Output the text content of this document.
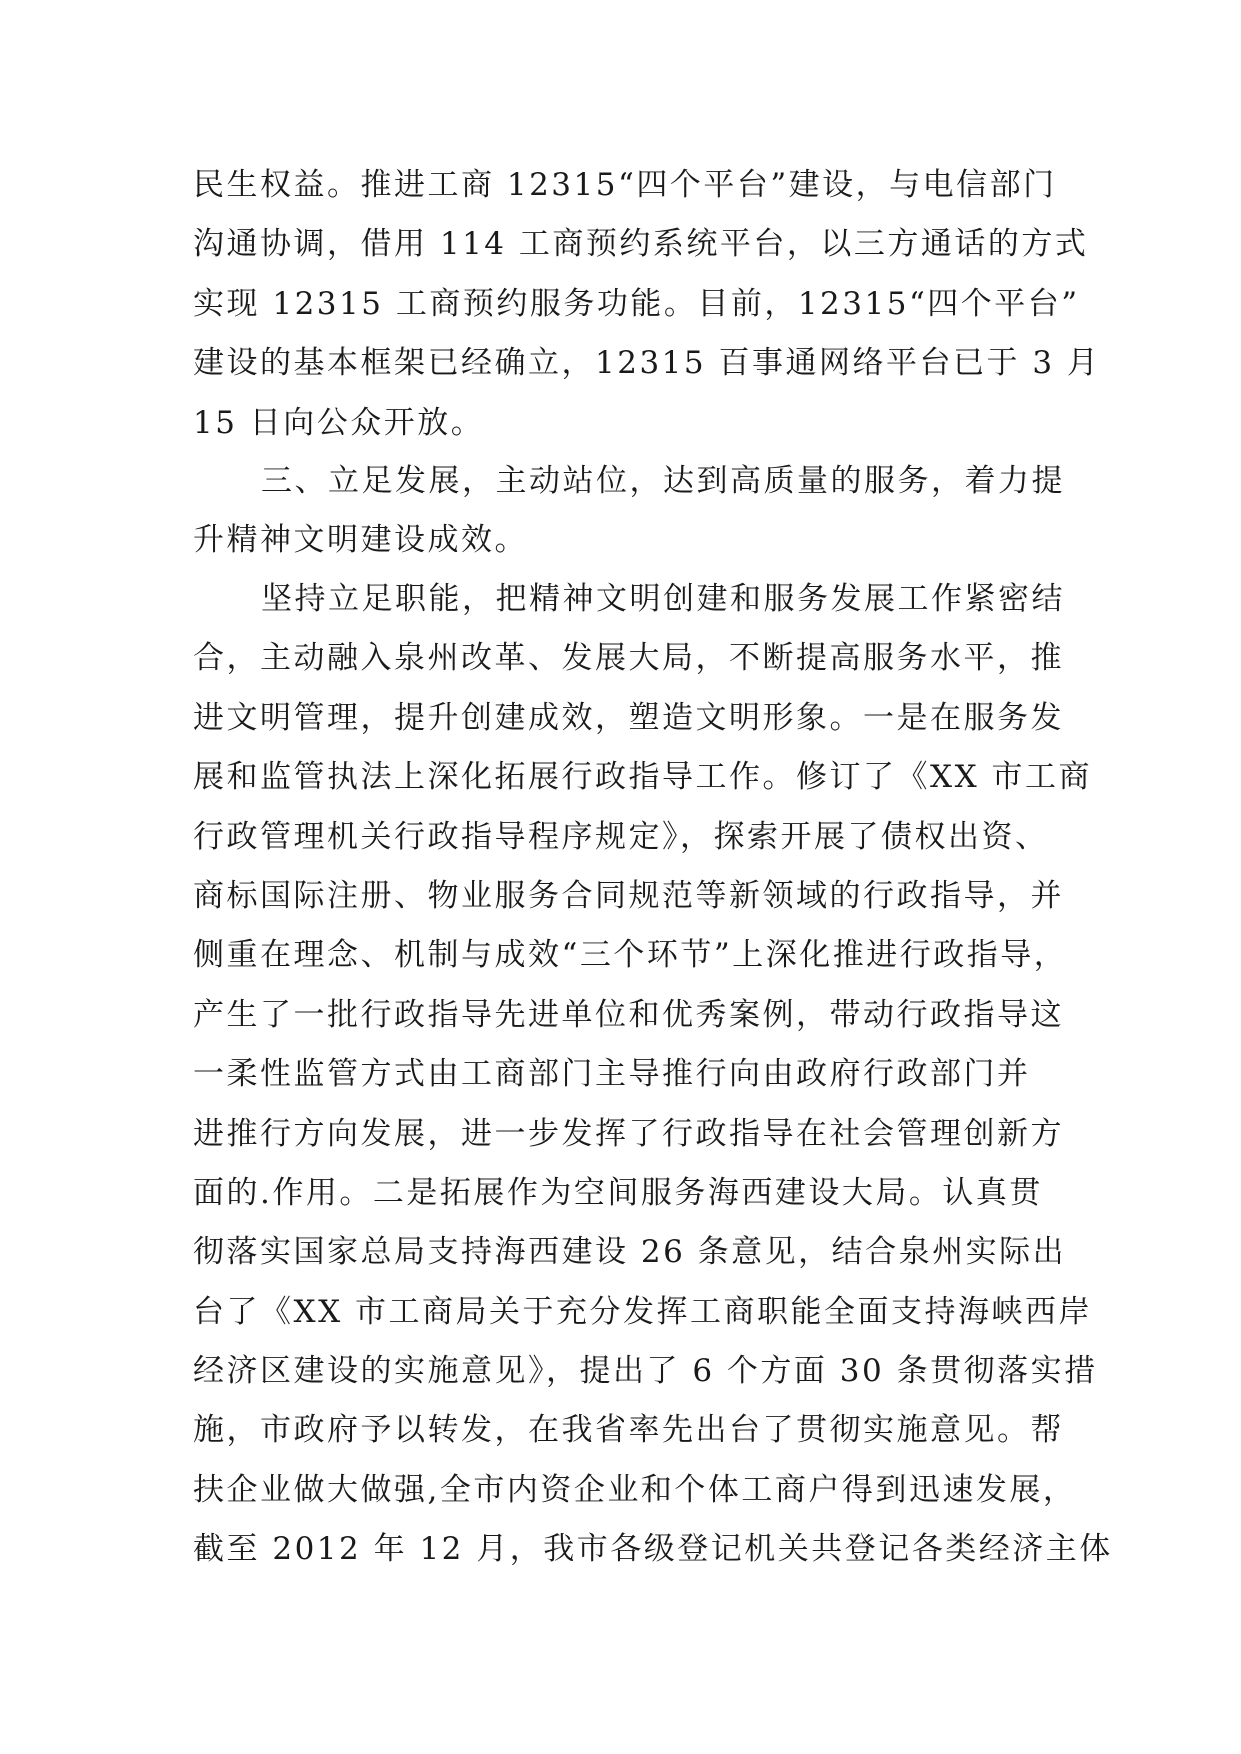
民生权益。推进工商 12315“四个平台”建设，与电信部门
沟通协调，借用 114 工商预约系统平台，以三方通话的方式
实现 12315 工商预约服务功能。目前，12315“四个平台”
建设的基本框架已经确立，12315 百事通网络平台已于 3 月
15 日向公众开放。
三、立足发展，主动站位，达到高质量的服务，着力提
升精神文明建设成效。
坚持立足职能，把精神文明创建和服务发展工作紧密结
合，主动融入泉州改革、发展大局，不断提高服务水平，推
进文明管理，提升创建成效，塑造文明形象。一是在服务发
展和监管执法上深化拓展行政指导工作。修订了《XX 市工商
行政管理机关行政指导程序规定》，探索开展了债权出资、
商标国际注册、物业服务合同规范等新领域的行政指导，并
侧重在理念、机制与成效“三个环节”上深化推进行政指导，
产生了一批行政指导先进单位和优秀案例，带动行政指导这
一柔性监管方式由工商部门主导推行向由政府行政部门并
进推行方向发展，进一步发挥了行政指导在社会管理创新方
面的.作用。二是拓展作为空间服务海西建设大局。认真贯
彻落实国家总局支持海西建设 26 条意见，结合泉州实际出
台了《XX 市工商局关于充分发挥工商职能全面支持海峡西岸
经济区建设的实施意见》，提出了 6 个方面 30 条贯彻落实措
施，市政府予以转发，在我省率先出台了贯彻实施意见。帮
扶企业做大做强,全市内资企业和个体工商户得到迅速发展，
截至 2012 年 12 月，我市各级登记机关共登记各类经济主体
